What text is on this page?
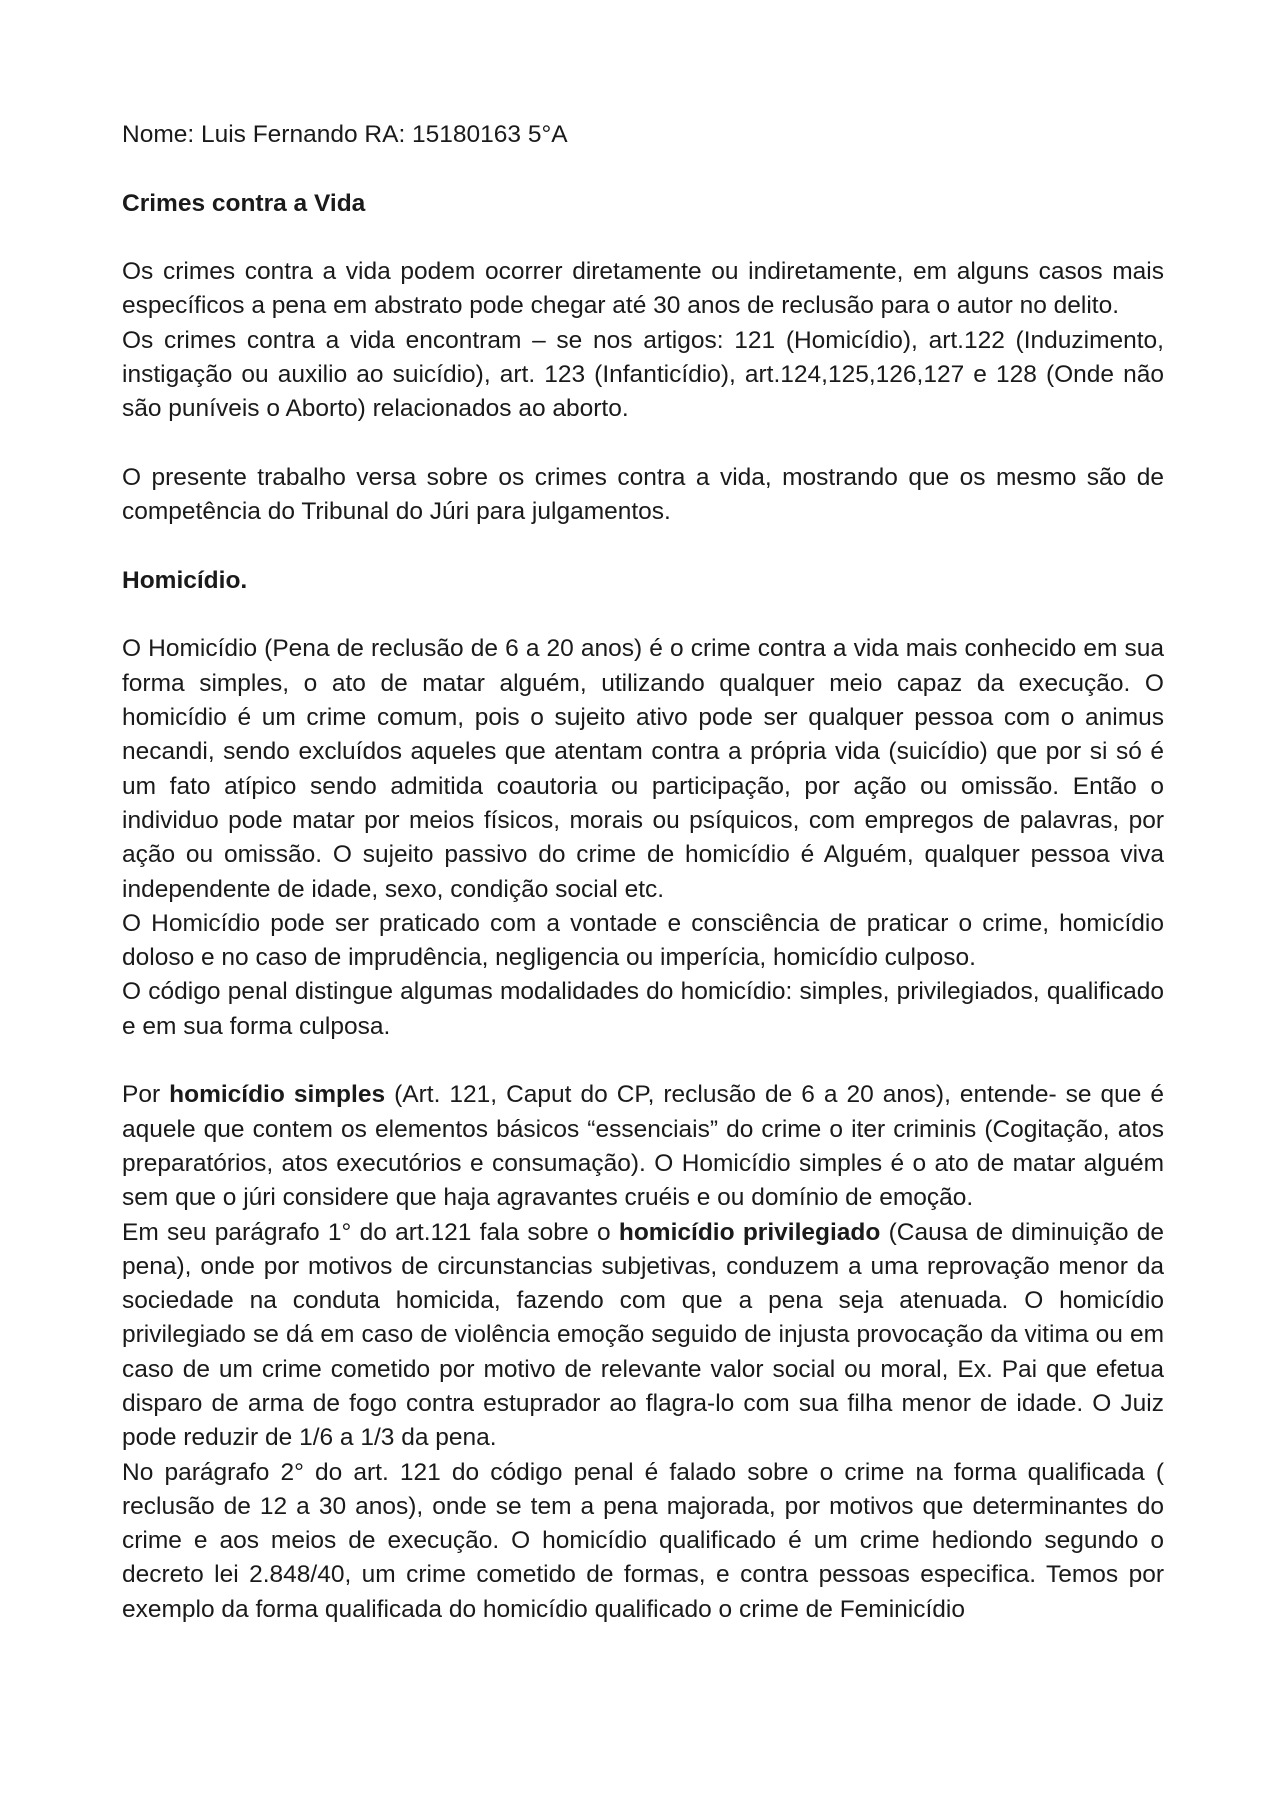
Nome: Luis Fernando RA: 15180163 5°A

Crimes contra a Vida

Os crimes contra a vida podem ocorrer diretamente ou indiretamente, em alguns casos mais específicos a pena em abstrato pode chegar até 30 anos de reclusão para o autor no delito.

Os crimes contra a vida encontram – se nos artigos: 121 (Homicídio), art.122 (Induzimento, instigação ou auxilio ao suicídio), art. 123 (Infanticídio), art.124,125,126,127 e 128 (Onde não são puníveis o Aborto) relacionados ao aborto.

O presente trabalho versa sobre os crimes contra a vida, mostrando que os mesmo são de competência do Tribunal do Júri para julgamentos.

Homicídio.

O Homicídio (Pena de reclusão de 6 a 20 anos) é o crime contra a vida mais conhecido em sua forma simples, o ato de matar alguém, utilizando qualquer meio capaz da execução. O homicídio é um crime comum, pois o sujeito ativo pode ser qualquer pessoa com o animus necandi, sendo excluídos aqueles que atentam contra a própria vida (suicídio) que por si só é um fato atípico sendo admitida coautoria ou participação, por ação ou omissão. Então o individuo pode matar por meios físicos, morais ou psíquicos, com empregos de palavras, por ação ou omissão. O sujeito passivo do crime de homicídio é Alguém, qualquer pessoa viva independente de idade, sexo, condição social etc.

O Homicídio pode ser praticado com a vontade e consciência de praticar o crime, homicídio doloso e no caso de imprudência, negligencia ou imperícia, homicídio culposo.

O código penal distingue algumas modalidades do homicídio: simples, privilegiados, qualificado e em sua forma culposa.

Por homicídio simples (Art. 121, Caput do CP, reclusão de 6 a 20 anos), entende- se que é aquele que contem os elementos básicos “essenciais” do crime o iter criminis (Cogitação, atos preparatórios, atos executórios e consumação). O Homicídio simples é o ato de matar alguém sem que o júri considere que haja agravantes cruéis e ou domínio de emoção.

Em seu parágrafo 1° do art.121 fala sobre o homicídio privilegiado (Causa de diminuição de pena), onde por motivos de circunstancias subjetivas, conduzem a uma reprovação menor da sociedade na conduta homicida, fazendo com que a pena seja atenuada. O homicídio privilegiado se dá em caso de violência emoção seguido de injusta provocação da vitima ou em caso de um crime cometido por motivo de relevante valor social ou moral, Ex. Pai que efetua disparo de arma de fogo contra estuprador ao flagra-lo com sua filha menor de idade. O Juiz pode reduzir de 1/6 a 1/3 da pena.

No parágrafo 2° do art. 121 do código penal é falado sobre o crime na forma qualificada ( reclusão de 12 a 30 anos), onde se tem a pena majorada, por motivos que determinantes do crime e aos meios de execução. O homicídio qualificado é um crime hediondo segundo o decreto lei 2.848/40, um crime cometido de formas, e contra pessoas especifica. Temos por exemplo da forma qualificada do homicídio qualificado o crime de Feminicídio
